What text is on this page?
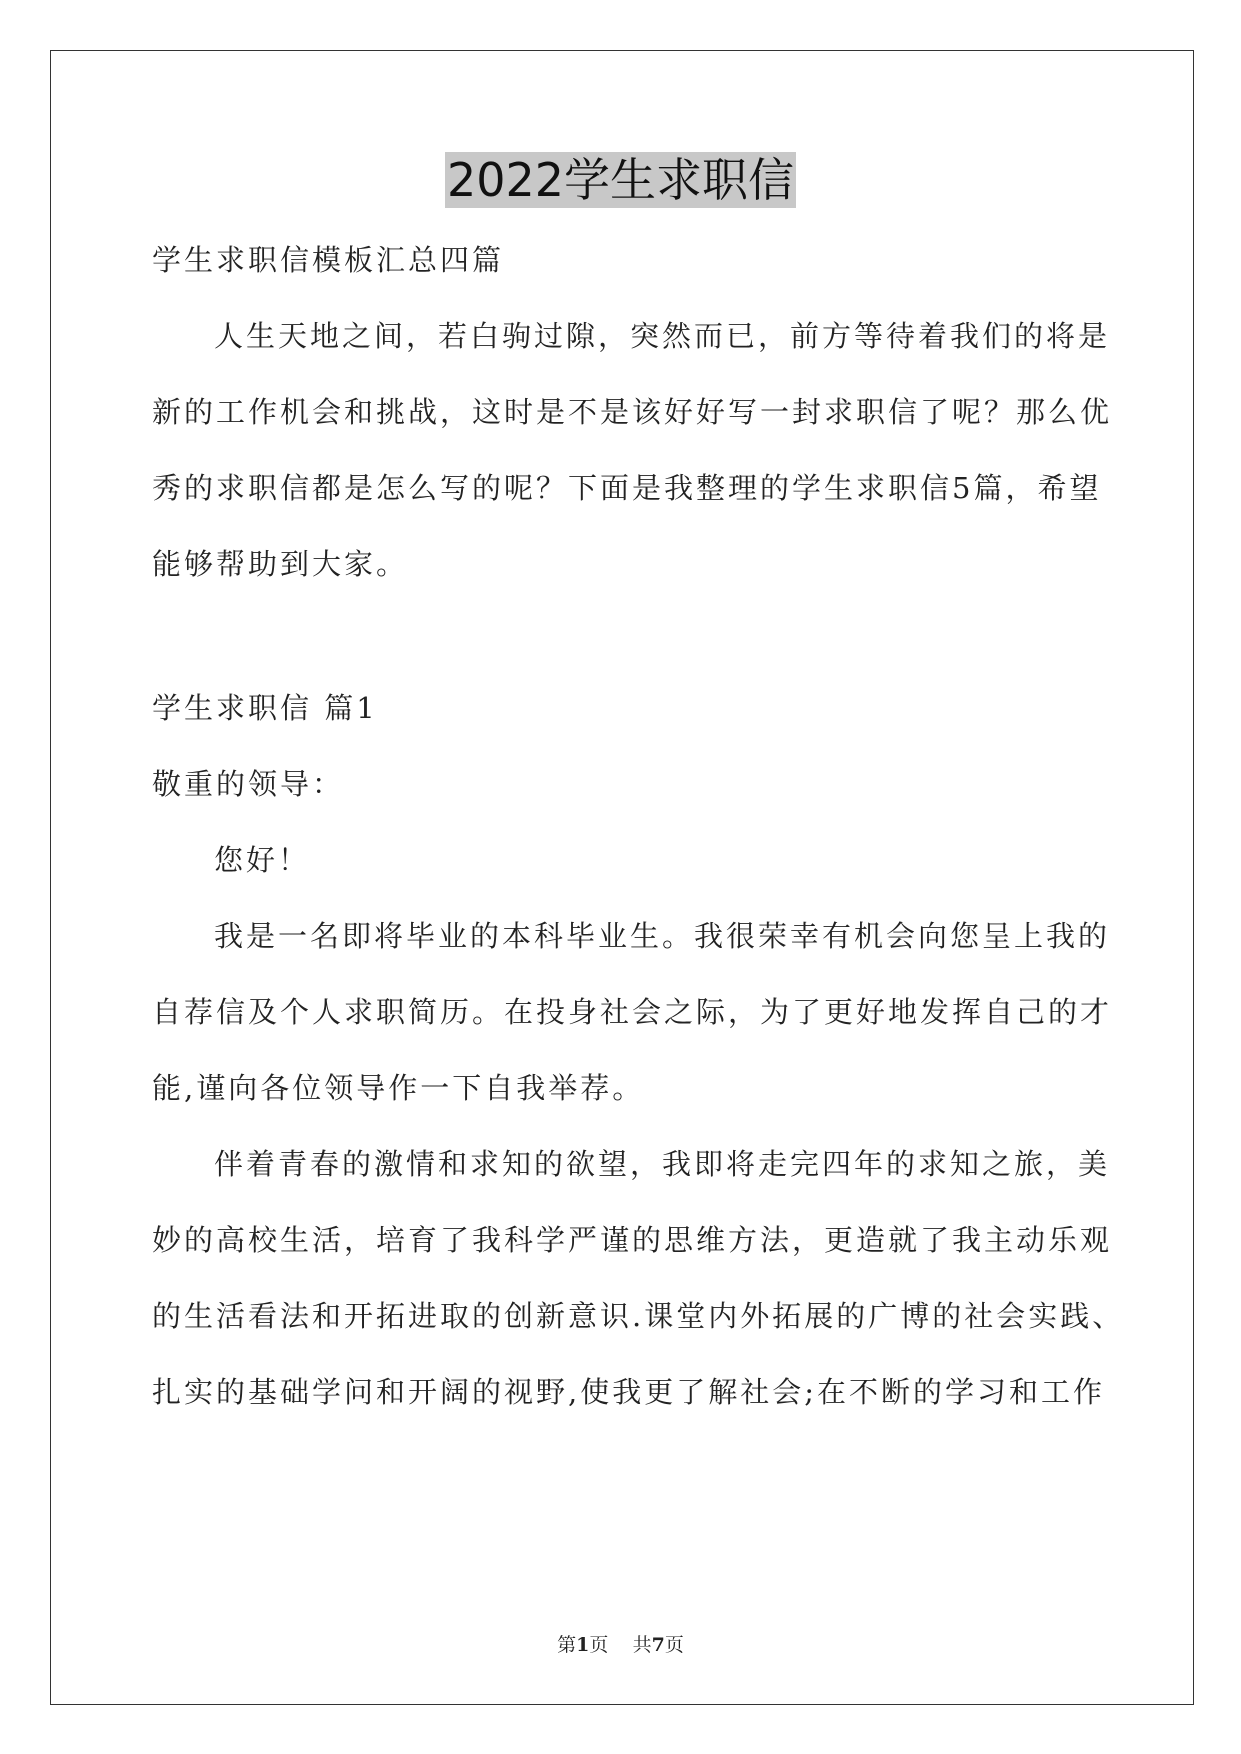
2022学生求职信
学生求职信模板汇总四篇
人生天地之间，若白驹过隙，突然而已，前方等待着我们的将是
新的工作机会和挑战，这时是不是该好好写一封求职信了呢？那么优
秀的求职信都是怎么写的呢？下面是我整理的学生求职信5篇，希望
能够帮助到大家。
学生求职信 篇1
敬重的领导：
您好！
我是一名即将毕业的本科毕业生。我很荣幸有机会向您呈上我的
自荐信及个人求职简历。在投身社会之际，为了更好地发挥自己的才
能,谨向各位领导作一下自我举荐。
伴着青春的激情和求知的欲望，我即将走完四年的求知之旅，美
妙的高校生活，培育了我科学严谨的思维方法，更造就了我主动乐观
的生活看法和开拓进取的创新意识.课堂内外拓展的广博的社会实践、
扎实的基础学问和开阔的视野,使我更了解社会;在不断的学习和工作
第1页 共7页
